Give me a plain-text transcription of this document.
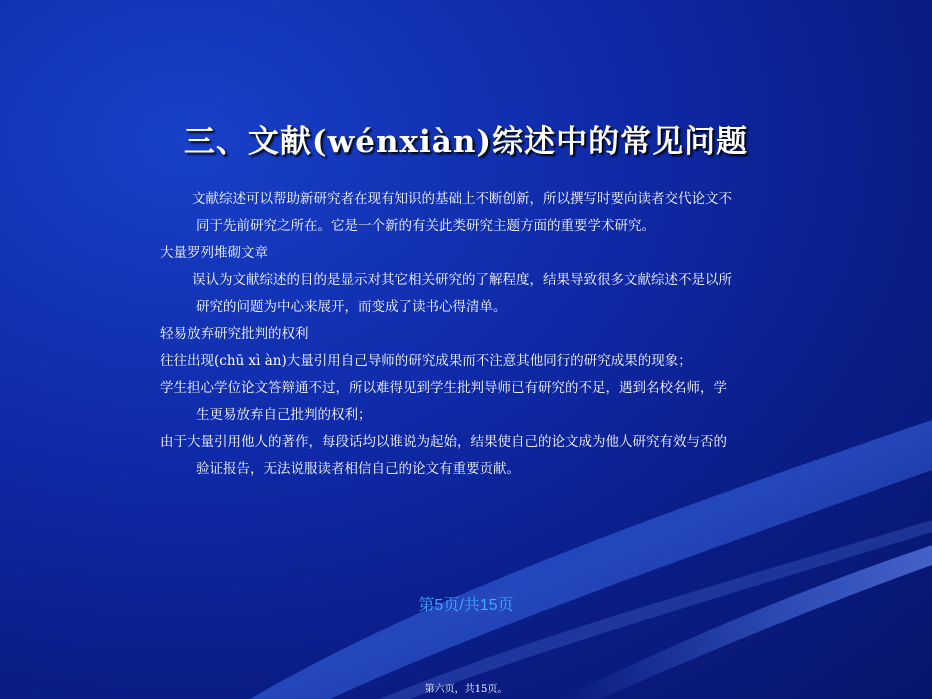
三、文献(wénxiàn)综述中的常见问题
文献综述可以帮助新研究者在现有知识的基础上不断创新，所以撰写时要向读者交代论文不
同于先前研究之所在。它是一个新的有关此类研究主题方面的重要学术研究。
大量罗列堆砌文章
误认为文献综述的目的是显示对其它相关研究的了解程度，结果导致很多文献综述不是以所
研究的问题为中心来展开，而变成了读书心得清单。
轻易放弃研究批判的权利
往往出现(chū xì àn)大量引用自己导师的研究成果而不注意其他同行的研究成果的现象；
学生担心学位论文答辩通不过，所以难得见到学生批判导师已有研究的不足，遇到名校名师，学
生更易放弃自己批判的权利；
由于大量引用他人的著作，每段话均以谁说为起始，结果使自己的论文成为他人研究有效与否的
验证报告，无法说服读者相信自己的论文有重要贡献。
第5页/共15页
第六页，共15页。
